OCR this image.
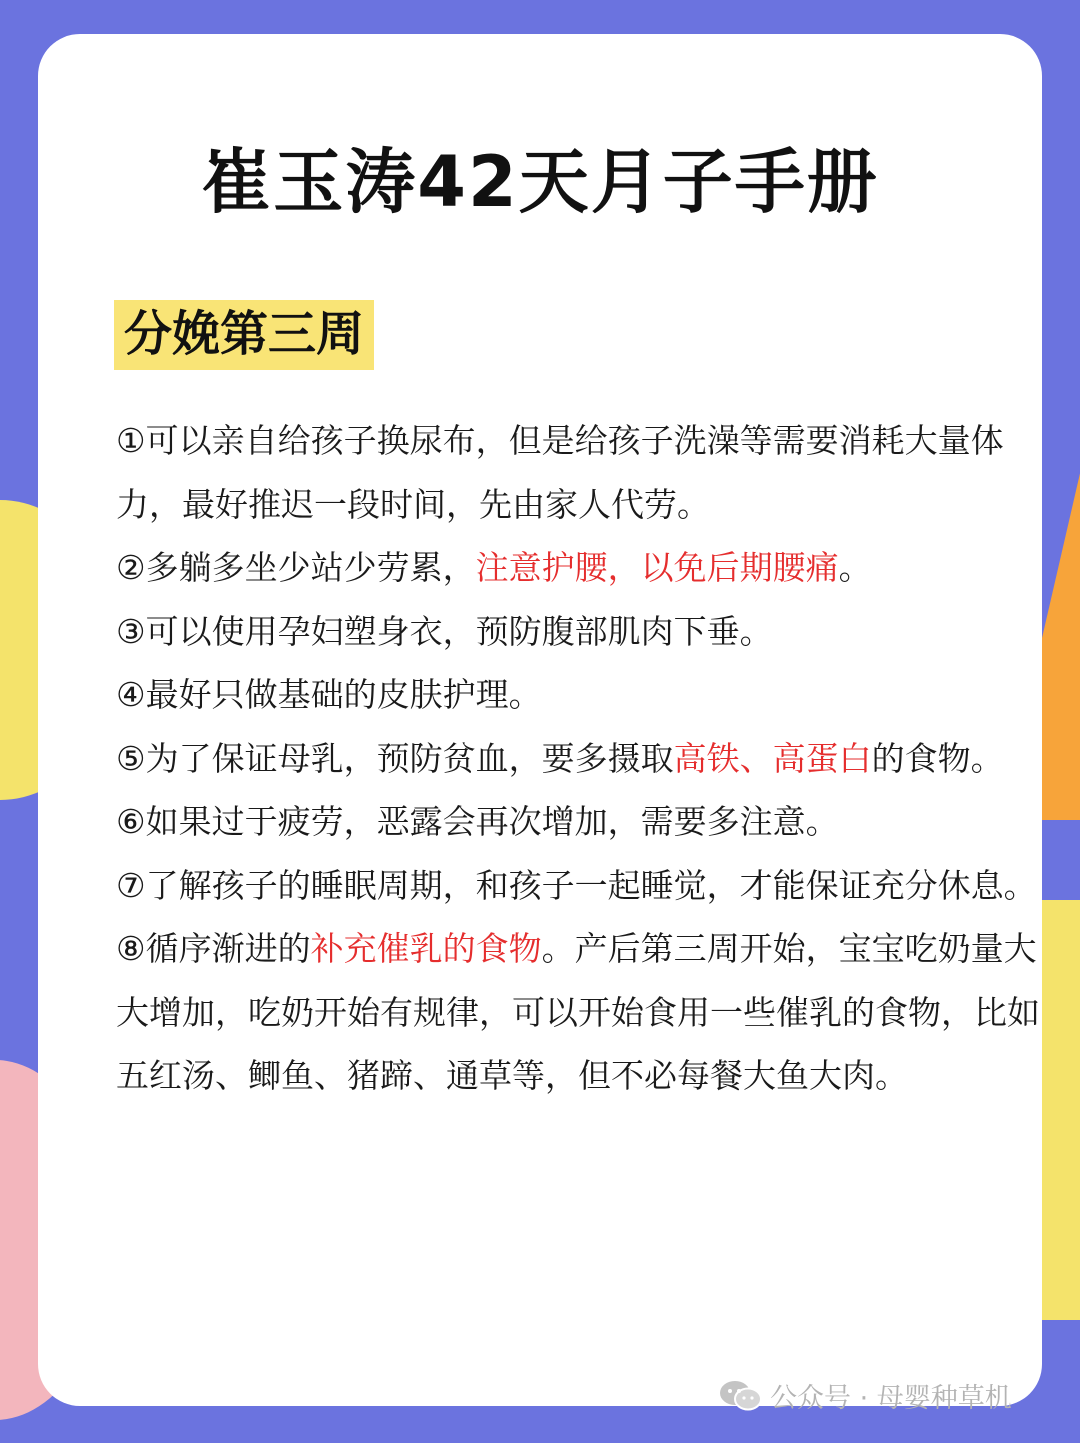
崔玉涛42天月子手册
分娩第三周

①可以亲自给孩子换尿布，但是给孩子洗澡等需要消耗大量体力，最好推迟一段时间，先由家人代劳。

②多躺多坐少站少劳累，注意护腰，以免后期腰痛。

③可以使用孕妇塑身衣，预防腹部肌肉下垂。

④最好只做基础的皮肤护理。

⑤为了保证母乳，预防贫血，要多摄取高铁、高蛋白的食物。

⑥如果过于疲劳，恶露会再次增加，需要多注意。

⑦了解孩子的睡眠周期，和孩子一起睡觉，才能保证充分休息。

⑧循序渐进的补充催乳的食物。产后第三周开始，宝宝吃奶量大大增加，吃奶开始有规律，可以开始食用一些催乳的食物，比如五红汤、鲫鱼、猪蹄、通草等，但不必每餐大鱼大肉。

公众号 · 母婴种草机
